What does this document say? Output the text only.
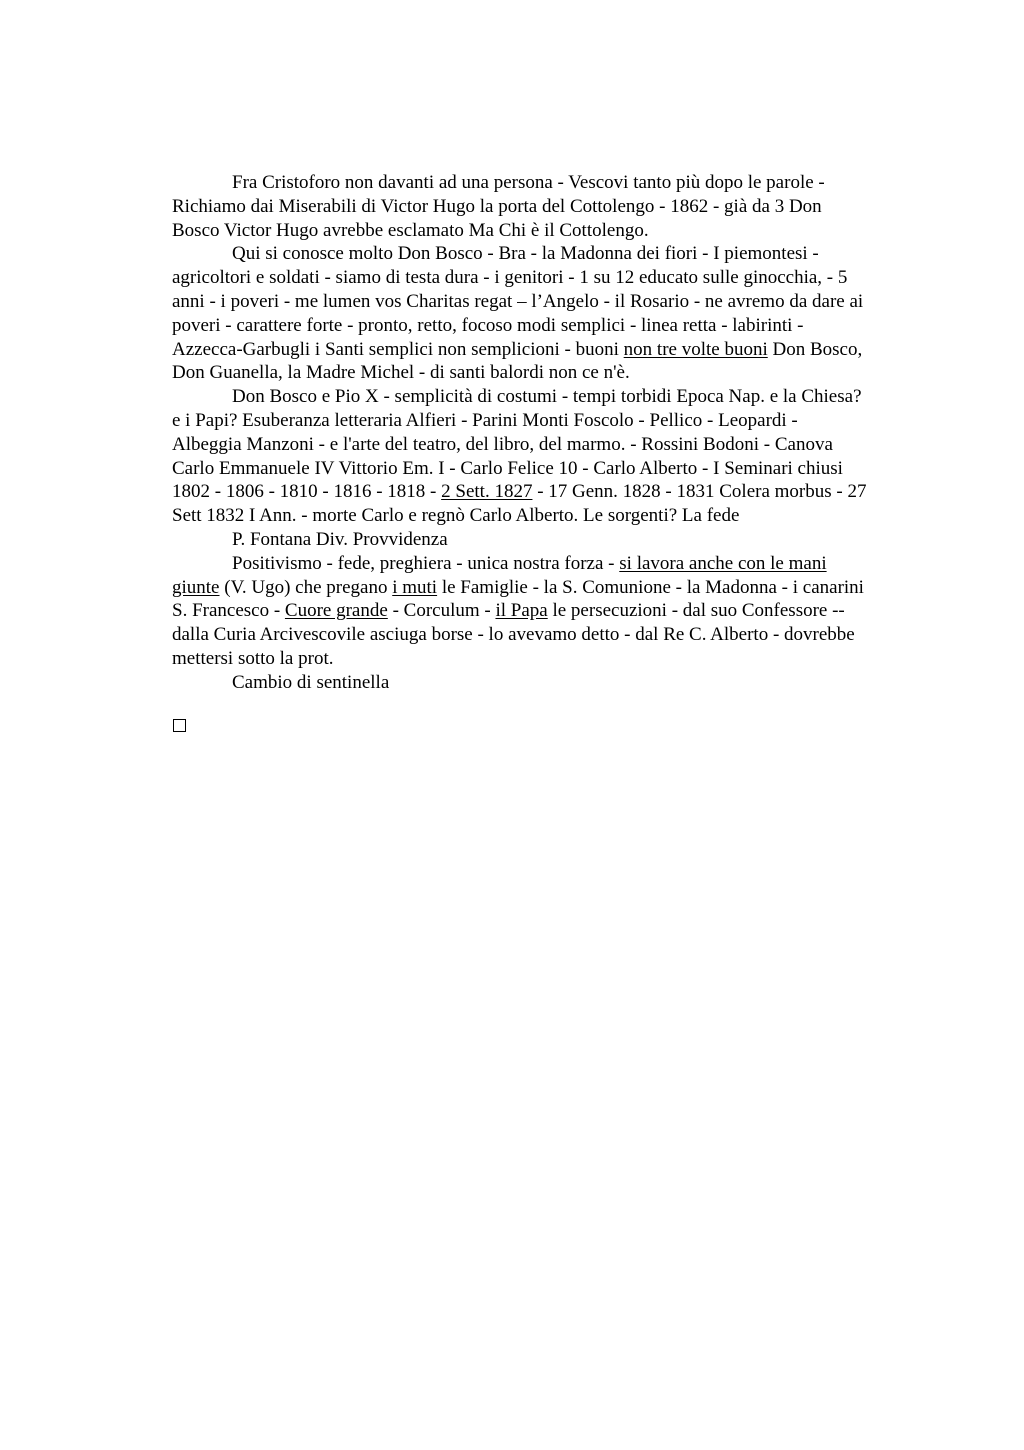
Fra Cristoforo non davanti ad una persona - Vescovi tanto più dopo le parole -
Richiamo dai Miserabili di Victor Hugo la porta del Cottolengo - 1862 - già da 3 Don
Bosco Victor Hugo avrebbe esclamato Ma Chi è il Cottolengo.
Qui si conosce molto Don Bosco - Bra - la Madonna dei fiori - I piemontesi -
agricoltori e soldati - siamo di testa dura - i genitori - 1 su 12 educato sulle ginocchia, - 5
anni - i poveri - me lumen vos Charitas regat – l’Angelo - il Rosario - ne avremo da dare ai
poveri - carattere forte - pronto, retto, focoso modi semplici - linea retta - labirinti -
Azzecca-Garbugli i Santi semplici non semplicioni - buoni non tre volte buoni Don Bosco,
Don Guanella, la Madre Michel - di santi balordi non ce n'è.
Don Bosco e Pio X - semplicità di costumi - tempi torbidi Epoca Nap. e la Chiesa?
e i Papi? Esuberanza letteraria Alfieri - Parini Monti Foscolo - Pellico - Leopardi -
Albeggia Manzoni - e l'arte del teatro, del libro, del marmo. - Rossini Bodoni - Canova
Carlo Emmanuele IV Vittorio Em. I - Carlo Felice 10 - Carlo Alberto - I Seminari chiusi
1802 - 1806 - 1810 - 1816 - 1818 - 2 Sett. 1827 - 17 Genn. 1828 - 1831 Colera morbus - 27
Sett 1832 I Ann. - morte Carlo e regnò Carlo Alberto. Le sorgenti? La fede
P. Fontana Div. Provvidenza
Positivismo - fede, preghiera - unica nostra forza - si lavora anche con le mani
giunte (V. Ugo) che pregano i muti le Famiglie - la S. Comunione - la Madonna - i canarini
S. Francesco - Cuore grande - Corculum - il Papa le persecuzioni - dal suo Confessore --
dalla Curia Arcivescovile asciuga borse - lo avevamo detto - dal Re C. Alberto - dovrebbe
mettersi sotto la prot.
Cambio di sentinella
